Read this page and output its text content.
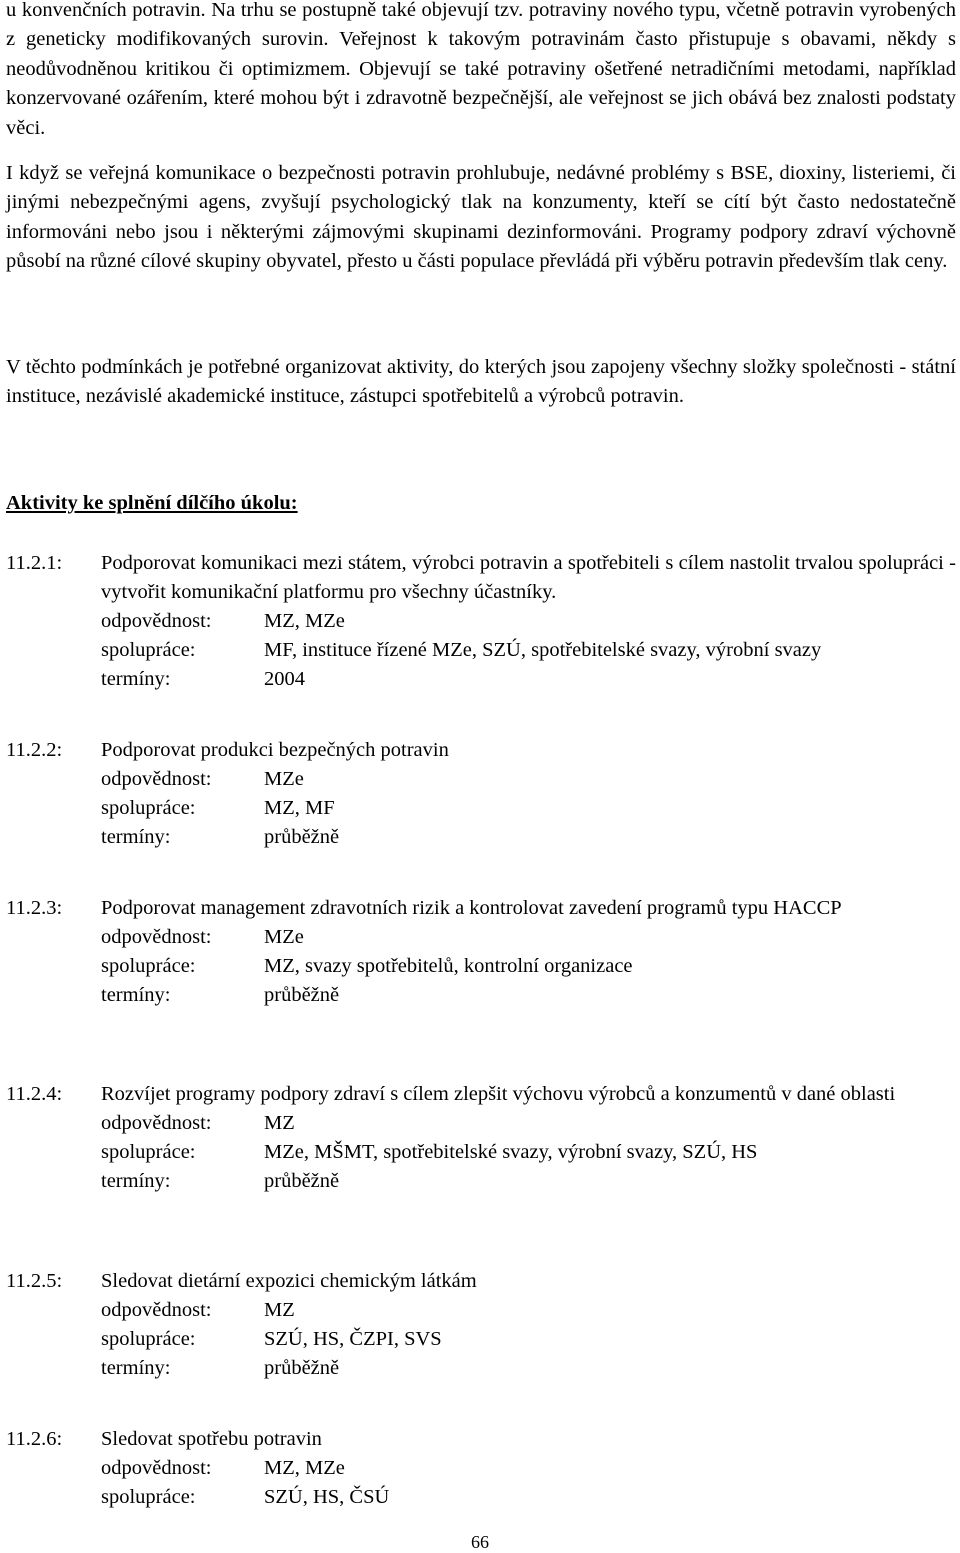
u konvenčních potravin. Na trhu se postupně také objevují tzv. potraviny nového typu, včetně potravin vyrobených z geneticky modifikovaných surovin. Veřejnost k takovým potravinám často přistupuje s obavami, někdy s neodůvodněnou kritikou či optimizmem. Objevují se také potraviny ošetřené netradičními metodami, například konzervované ozářením, které mohou být i zdravotně bezpečnější, ale veřejnost se jich obává bez znalosti podstaty věci.

I když se veřejná komunikace o bezpečnosti potravin prohlubuje, nedávné problémy s BSE, dioxiny, listeriemi, či jinými nebezpečnými agens, zvyšují psychologický tlak na konzumenty, kteří se cítí být často nedostatečně informováni nebo jsou i některými zájmovými skupinami dezinformováni. Programy podpory zdraví výchovně působí na různé cílové skupiny obyvatel, přesto u části populace převládá při výběru potravin především tlak ceny.

V těchto podmínkách je potřebné organizovat aktivity, do kterých jsou zapojeny všechny složky společnosti - státní instituce, nezávislé akademické instituce, zástupci spotřebitelů a výrobců potravin.

Aktivity ke splnění dílčího úkolu:
11.2.1: Podporovat komunikaci mezi státem, výrobci potravin a spotřebiteli s cílem nastolit trvalou spolupráci - vytvořit komunikační platformu pro všechny účastníky.
odpovědnost:	MZ, MZe
spolupráce:	MF, instituce řízené MZe, SZÚ, spotřebitelské svazy, výrobní svazy
termíny:	2004
11.2.2: Podporovat produkci bezpečných potravin
odpovědnost:	MZe
spolupráce:	MZ, MF
termíny:	průběžně
11.2.3: Podporovat management zdravotních rizik a kontrolovat zavedení programů typu HACCP
odpovědnost:	MZe
spolupráce:	MZ, svazy spotřebitelů, kontrolní organizace
termíny:	průběžně
11.2.4: Rozvíjet programy podpory zdraví s cílem zlepšit výchovu výrobců a konzumentů v dané oblasti
odpovědnost:	MZ
spolupráce:	MZe, MŠMT, spotřebitelské svazy, výrobní svazy, SZÚ, HS
termíny:	průběžně
11.2.5: Sledovat dietární expozici chemickým látkám
odpovědnost:	MZ
spolupráce:	SZÚ, HS, ČZPI, SVS
termíny:	průběžně
11.2.6: Sledovat spotřebu potravin
odpovědnost:	MZ, MZe
spolupráce:	SZÚ, HS, ČSÚ
66
